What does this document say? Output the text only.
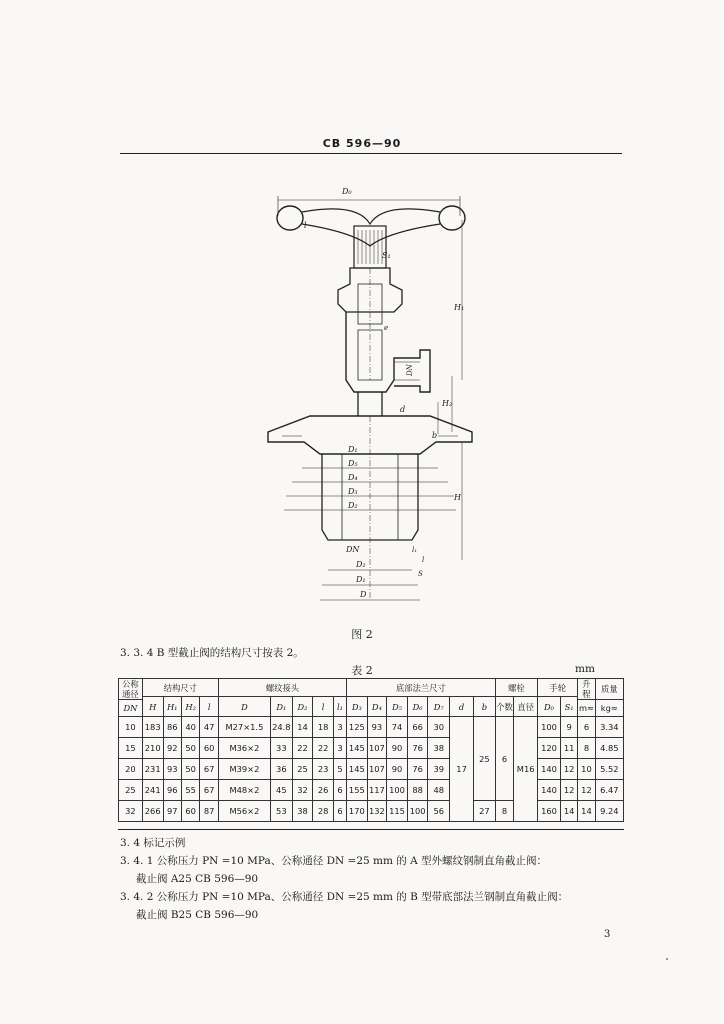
CB 596—90
D₀
l
S₁
e
DN
D₅
D₄
D₃
D₂
D₁
DN
D₂
D₁
D
l₁
l
S
H₁
H₂
H
d
b
图 2
3. 3. 4 B 型截止阀的结构尺寸按表 2。
表 2	mm
公称通径	结构尺寸				螺纹接头					底部法兰尺寸							螺栓		手轮		升程	质量
	H	H₁	H₂	l	D	D₁	D₂	l	l₁	D₃	D₄	D₅	D₆	D₇	d	b	个数	直径	D₀	S₁		
DN																					m≈	kg≈
10	183	86	40	47	M27×1.5	24.8	14	18	3	125	93	74	66	30	17	25	6	M16	100	9	6	3.34
15	210	92	50	60	M36×2	33	22	22	3	145	107	90	76	38					120	11	8	4.85
20	231	93	50	67	M39×2	36	25	23	5	145	107	90	76	39					140	12	10	5.52
25	241	96	55	67	M48×2	45	32	26	6	155	117	100	88	48					140	12	12	6.47
32	266	97	60	87	M56×2	53	38	28	6	170	132	115	100	56		27	8		160	14	14	9.24
3. 4 标记示例
3. 4. 1 公称压力 PN =10 MPa、公称通径 DN =25 mm 的 A 型外螺纹钢制直角截止阀：
截止阀 A25 CB 596—90
3. 4. 2 公称压力 PN =10 MPa、公称通径 DN =25 mm 的 B 型带底部法兰钢制直角截止阀：
截止阀 B25 CB 596—90
3
